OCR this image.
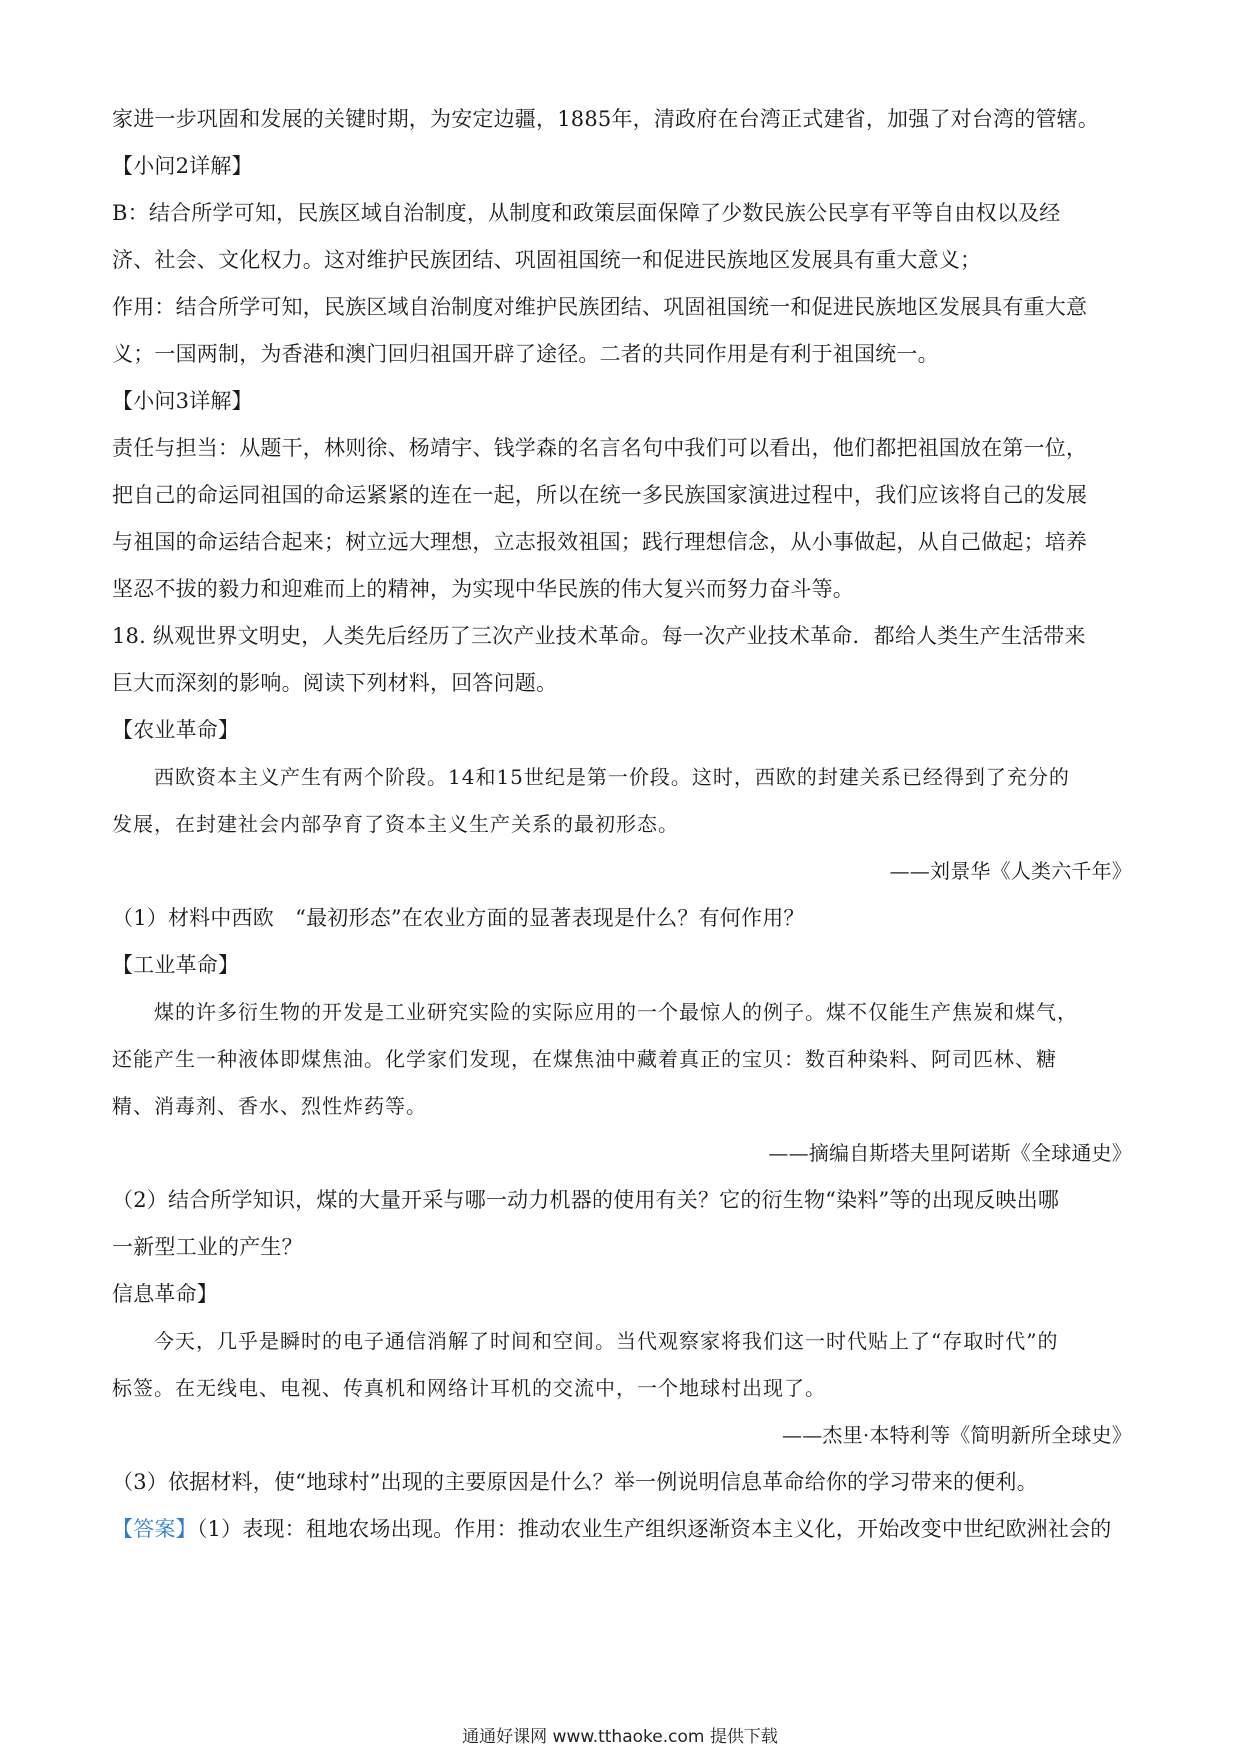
家进一步巩固和发展的关键时期，为安定边疆，1885年，清政府在台湾正式建省，加强了对台湾的管辖。
【小问2详解】
B：结合所学可知，民族区域自治制度，从制度和政策层面保障了少数民族公民享有平等自由权以及经
济、社会、文化权力。这对维护民族团结、巩固祖国统一和促进民族地区发展具有重大意义；
作用：结合所学可知，民族区域自治制度对维护民族团结、巩固祖国统一和促进民族地区发展具有重大意
义；一国两制，为香港和澳门回归祖国开辟了途径。二者的共同作用是有利于祖国统一。
【小问3详解】
责任与担当：从题干，林则徐、杨靖宇、钱学森的名言名句中我们可以看出，他们都把祖国放在第一位，
把自己的命运同祖国的命运紧紧的连在一起，所以在统一多民族国家演进过程中，我们应该将自己的发展
与祖国的命运结合起来；树立远大理想，立志报效祖国；践行理想信念，从小事做起，从自己做起；培养
坚忍不拔的毅力和迎难而上的精神，为实现中华民族的伟大复兴而努力奋斗等。
18. 纵观世界文明史，人类先后经历了三次产业技术革命。每一次产业技术革命．都给人类生产生活带来
巨大而深刻的影响。阅读下列材料，回答问题。
【农业革命】
西欧资本主义产生有两个阶段。14和15世纪是第一价段。这时，西欧的封建关系已经得到了充分的
发展，在封建社会内部孕育了资本主义生产关系的最初形态。
——刘景华《人类六千年》
（1）材料中西欧　“最初形态”在农业方面的显著表现是什么？有何作用？
【工业革命】
煤的许多衍生物的开发是工业研究实险的实际应用的一个最惊人的例子。煤不仅能生产焦炭和煤气，
还能产生一种液体即煤焦油。化学家们发现，在煤焦油中藏着真正的宝贝：数百种染料、阿司匹林、糖
精、消毒剂、香水、烈性炸药等。
——摘编自斯塔夫里阿诺斯《全球通史》
（2）结合所学知识，煤的大量开采与哪一动力机器的使用有关？它的衍生物“染料”等的出现反映出哪
一新型工业的产生？
信息革命】
今天，几乎是瞬时的电子通信消解了时间和空间。当代观察家将我们这一时代贴上了“存取时代”的
标签。在无线电、电视、传真机和网络计耳机的交流中，一个地球村出现了。
——杰里·本特利等《简明新所全球史》
（3）依据材料，使“地球村”出现的主要原因是什么？举一例说明信息革命给你的学习带来的便利。
【答案】（1）表现：租地农场出现。作用：推动农业生产组织逐渐资本主义化，开始改变中世纪欧洲社会的
通通好课网 www.tthaoke.com 提供下载
